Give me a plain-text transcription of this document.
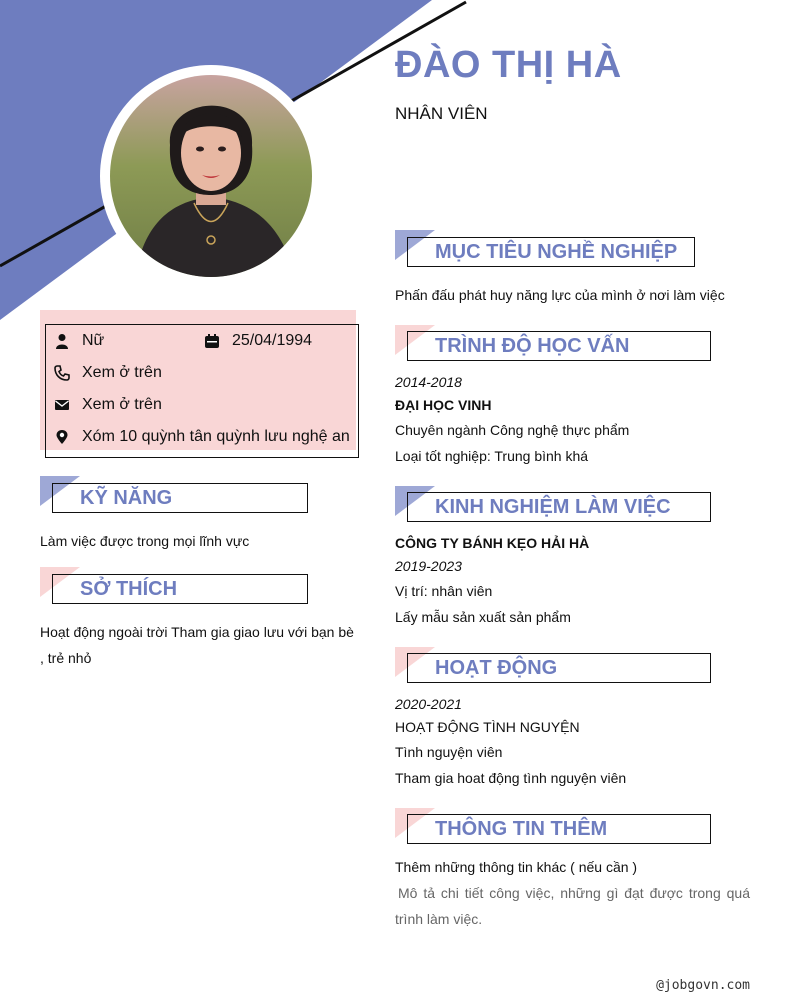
ĐÀO THỊ HÀ
NHÂN VIÊN
Nữ	25/04/1994
Xem ở trên
Xem ở trên
Xóm 10 quỳnh tân quỳnh lưu nghệ an
KỸ NĂNG
Làm việc được trong mọi lĩnh vực
SỞ THÍCH
Hoạt động ngoài trời Tham gia giao lưu với bạn bè
, trẻ nhỏ
MỤC TIÊU NGHỀ NGHIỆP
Phấn đấu phát huy năng lực của mình ở nơi làm việc
TRÌNH ĐỘ HỌC VẤN
2014-2018
ĐẠI HỌC VINH
Chuyên ngành Công nghệ thực phẩm
Loại tốt nghiệp: Trung bình khá
KINH NGHIỆM LÀM VIỆC
CÔNG TY BÁNH KẸO HẢI HÀ
2019-2023
Vị trí: nhân viên
Lấy mẫu sản xuất sản phẩm
HOẠT ĐỘNG
2020-2021
HOẠT ĐỘNG TÌNH NGUYỆN
Tình nguyện viên
Tham gia hoat động tình nguyện viên
THÔNG TIN THÊM
Thêm những thông tin khác ( nếu cần )
Mô tả chi tiết công việc, những gì đạt được trong quá
trình làm việc.
@jobgovn.com
